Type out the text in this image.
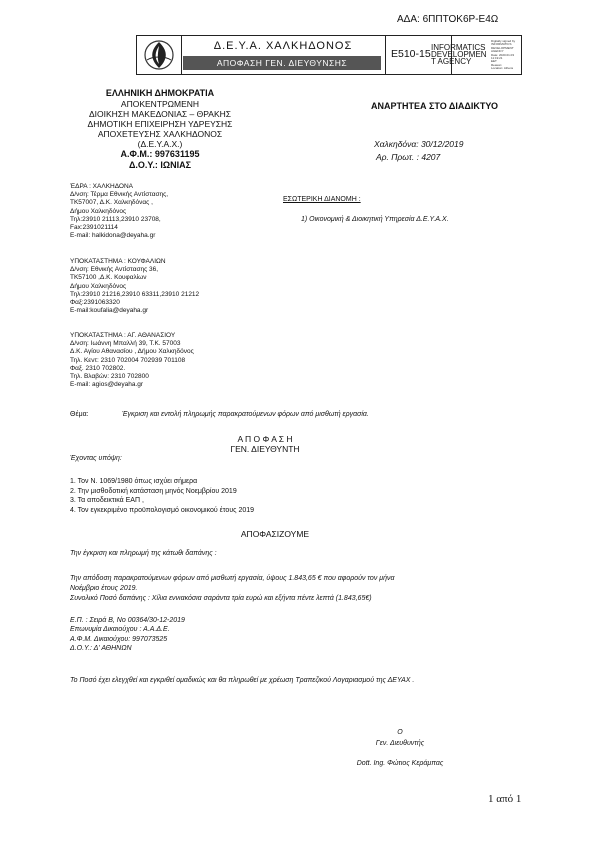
ΑΔΑ: 6ΠΠΤΟΚ6Ρ-Ε4Ω
Δ.Ε.Υ.Α. ΧΑΛΚΗΔΟΝΟΣ
ΑΠΟΦΑΣΗ ΓΕΝ. ΔΙΕΥΘΥΝΣΗΣ
Ε510-15
INFORMATICS
DEVELOPMEN
T AGENCY
Digitally signed by
INFORMATICS
DEVELOPMENT AGENCY
Date: 2020.01.03 11:19:21
EET
Reason:
Location: Athens
ΕΛΛΗΝΙΚΗ ΔΗΜΟΚΡΑΤΙΑ
ΑΠΟΚΕΝΤΡΩΜΕΝΗ
ΔΙΟΙΚΗΣΗ ΜΑΚΕΔΟΝΙΑΣ – ΘΡΑΚΗΣ
ΔΗΜΟΤΙΚΗ ΕΠΙΧΕΙΡΗΣΗ ΥΔΡΕΥΣΗΣ
ΑΠΟΧΕΤΕΥΣΗΣ ΧΑΛΚΗΔΟΝΟΣ
(Δ.Ε.Υ.Α.Χ.)
Α.Φ.Μ.: 997631195
Δ.Ο.Υ.: ΙΩΝΙΑΣ
ΑΝΑΡΤΗΤΕΑ ΣΤΟ ΔΙΑΔΙΚΤΥΟ
Χαλκηδόνα: 30/12/2019
Αρ. Πρωτ. : 4207
ΕΣΩΤΕΡΙΚΗ ΔΙΑΝΟΜΗ :
1) Οικονομική & Διοικητική Υπηρεσία Δ.Ε.Υ.Α.Χ.
ΈΔΡΑ : ΧΑΛΚΗΔΟΝΑ
Δ/νση: Τέρμα Εθνικής Αντίστασης,
ΤΚ57007, Δ.Κ. Χαλκηδόνας ,
Δήμου Χαλκηδόνος
Τηλ:23910 21113,23910 23708,
Fax:2391021114
E-mail: halkidona@deyaha.gr
ΥΠΟΚΑΤΑΣΤΗΜΑ : ΚΟΥΦΑΛΙΩΝ
Δ/νση: Εθνικής Αντίστασης 36,
ΤΚ57100 ,Δ.Κ. Κουφαλίων
Δήμου Χαλκηδόνος
Τηλ:23910 21216,23910 63311,23910 21212
Φαξ:2391063320
E-mail:koufalia@deyaha.gr
ΥΠΟΚΑΤΑΣΤΗΜΑ : ΑΓ. ΑΘΑΝΑΣΙΟΥ
Δ/νση: Ιωάννη Μπαλλή 39, Τ.Κ. 57003
Δ.Κ. Αγίου Αθανασίου , Δήμου Χαλκηδόνος
Τηλ. Κεντ: 2310 702004 702939 701108
Φαξ. 2310 702802.
Τηλ. Βλαβών: 2310 702800
E-mail: agios@deyaha.gr
Θέμα:	Έγκριση και εντολή πληρωμής παρακρατούμενων φόρων από μισθωτή εργασία.
Α Π Ο Φ Α Σ Η
ΓΕΝ. ΔΙΕΥΘΥΝΤΗ
Έχοντας υπόψη:
1. Τον Ν. 1069/1980 όπως ισχύει σήμερα
2. Την μισθοδοτική κατάσταση μηνός Νοεμβρίου 2019
3. Τα αποδεικτικά ΕΑΠ ,
4. Τον εγκεκριμένο προϋπολογισμό οικονομικού έτους 2019
ΑΠΟΦΑΣΙΖΟΥΜΕ
Την έγκριση και πληρωμή της κάτωθι δαπάνης :
Την απόδοση παρακρατούμενων φόρων από μισθωτή εργασία, ύψους 1.843,65 € που αφορούν τον μήνα
Νοέμβριο έτους 2019.
Συνολικό Ποσό δαπάνης : Χίλια εννιακόσια σαράντα τρία ευρώ και εξήντα πέντε λεπτά (1.843,65€)
Ε.Π. : Σειρά Β, Νο 00364/30-12-2019
Επωνυμία Δικαιούχου : Α.Α.Δ.Ε.
Α.Φ.Μ. Δικαιούχου: 997073525
Δ.Ο.Υ.: Δ' ΑΘΗΝΩΝ
Το Ποσό έχει ελεγχθεί και εγκριθεί ομαδικώς και θα πληρωθεί με χρέωση Τραπεζικού Λογαριασμού της ΔΕΥΑΧ .
Ο
Γεν. Διευθυντής
Dott. Ing. Φώτιος Κεράμπας
1 από 1
